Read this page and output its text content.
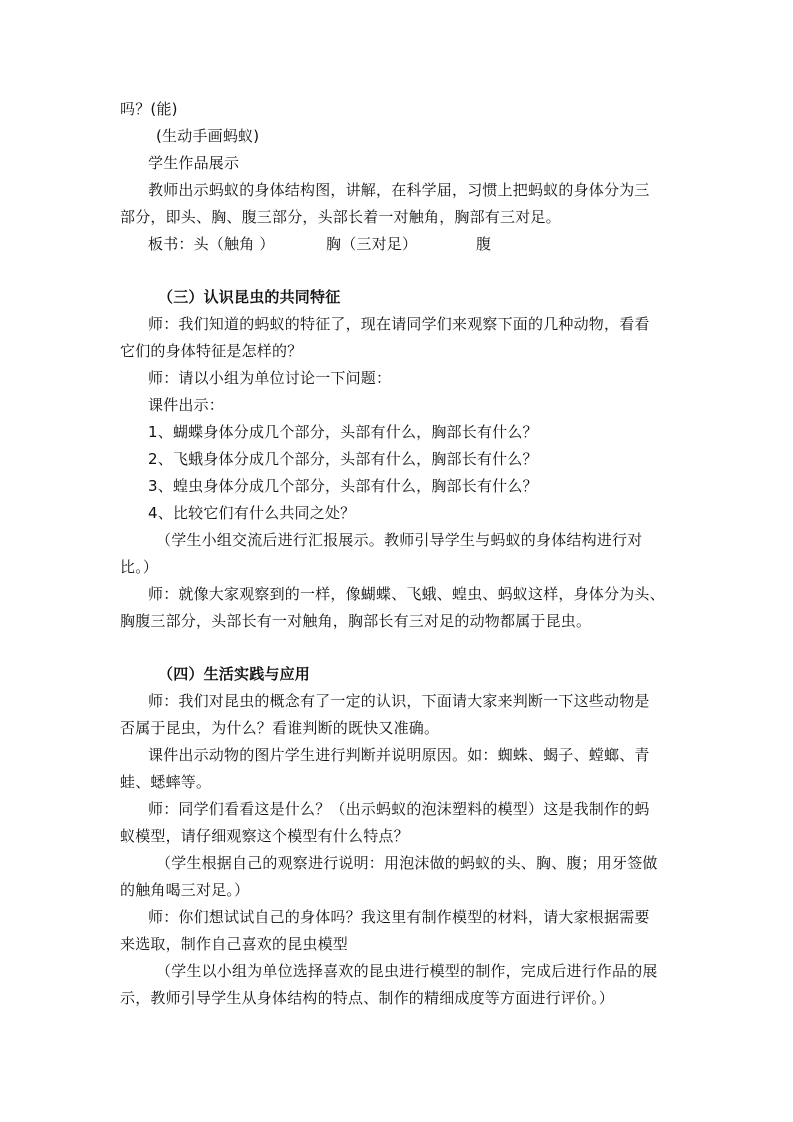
吗？(能)
(生动手画蚂蚁)
学生作品展示
教师出示蚂蚁的身体结构图，讲解，在科学届，习惯上把蚂蚁的身体分为三
部分，即头、胸、腹三部分，头部长着一对触角，胸部有三对足。
板书：头（触角 ）	胸（三对足）	腹
（三）认识昆虫的共同特征
师：我们知道的蚂蚁的特征了，现在请同学们来观察下面的几种动物，看看
它们的身体特征是怎样的？
师：请以小组为单位讨论一下问题：
课件出示：
1、蝴蝶身体分成几个部分，头部有什么，胸部长有什么？
2、飞蛾身体分成几个部分，头部有什么，胸部长有什么？
3、蝗虫身体分成几个部分，头部有什么，胸部长有什么？
4、比较它们有什么共同之处？
（学生小组交流后进行汇报展示。教师引导学生与蚂蚁的身体结构进行对
比。）
师：就像大家观察到的一样，像蝴蝶、飞蛾、蝗虫、蚂蚁这样，身体分为头、
胸腹三部分，头部长有一对触角，胸部长有三对足的动物都属于昆虫。
（四）生活实践与应用
师：我们对昆虫的概念有了一定的认识，下面请大家来判断一下这些动物是
否属于昆虫，为什么？看谁判断的既快又准确。
课件出示动物的图片学生进行判断并说明原因。如：蜘蛛、蝎子、螳螂、青
蛙、蟋蟀等。
师：同学们看看这是什么？（出示蚂蚁的泡沫塑料的模型）这是我制作的蚂
蚁模型，请仔细观察这个模型有什么特点？
（学生根据自己的观察进行说明：用泡沫做的蚂蚁的头、胸、腹；用牙签做
的触角喝三对足。）
师：你们想试试自己的身体吗？我这里有制作模型的材料，请大家根据需要
来选取，制作自己喜欢的昆虫模型
（学生以小组为单位选择喜欢的昆虫进行模型的制作，完成后进行作品的展
示，教师引导学生从身体结构的特点、制作的精细成度等方面进行评价。）
